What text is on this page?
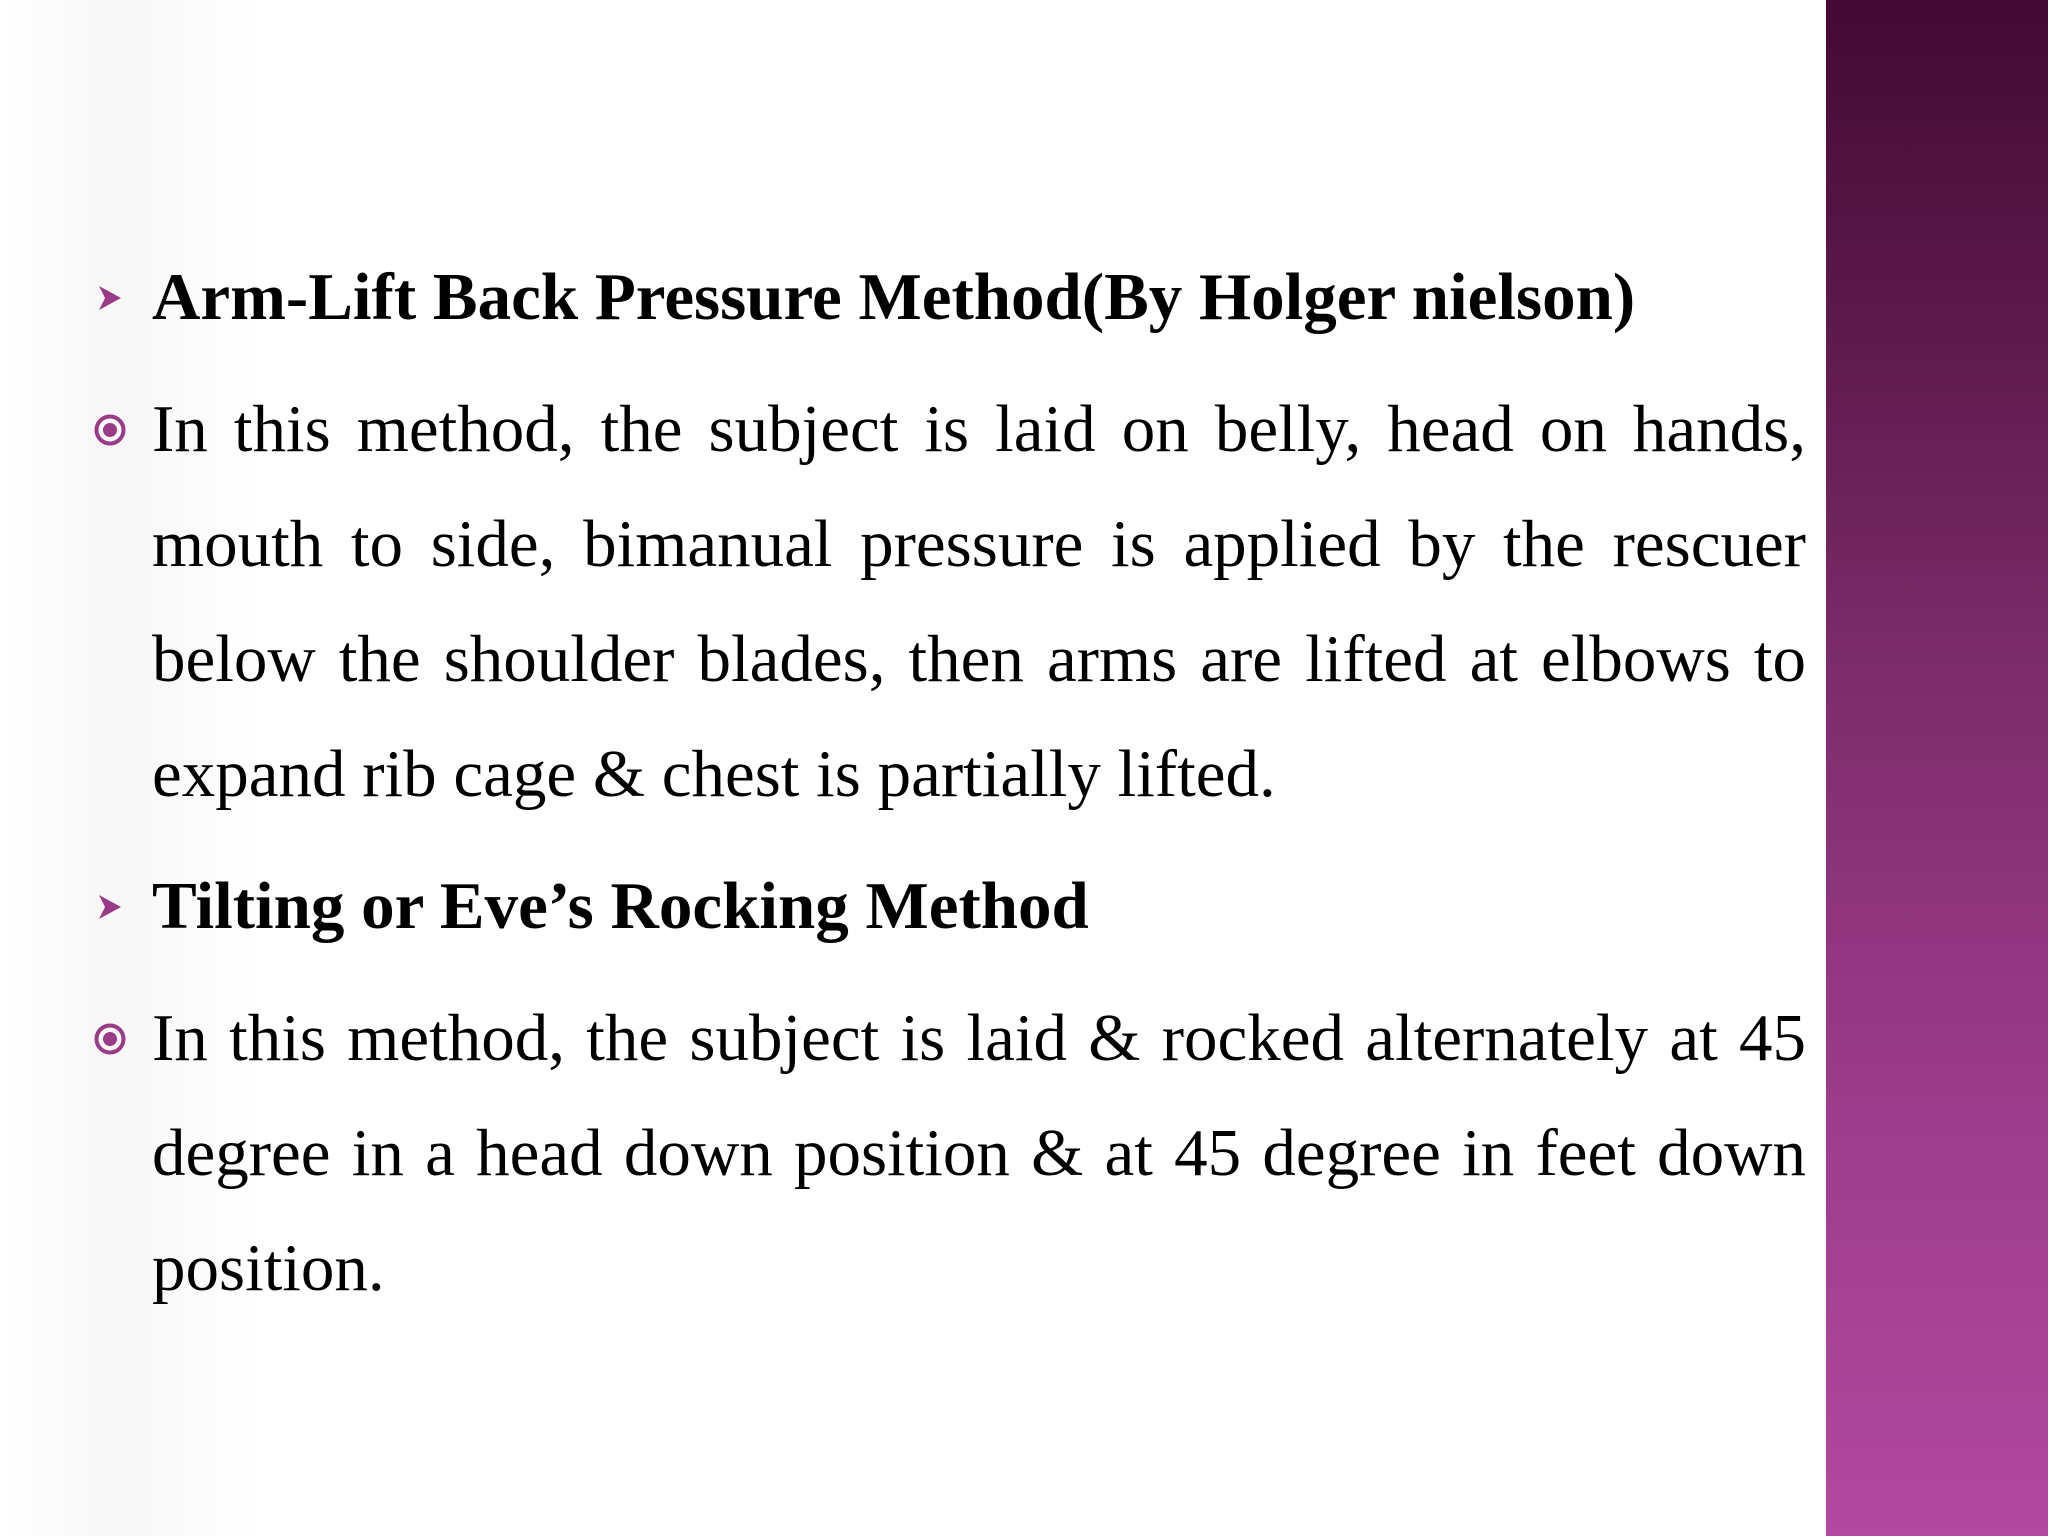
Arm-Lift Back Pressure Method(By Holger nielson)
In this method, the subject is laid on belly, head on hands, mouth to side, bimanual pressure is applied by the rescuer below the shoulder blades, then arms are lifted at elbows to expand rib cage & chest is partially lifted.
Tilting or Eve’s Rocking Method
In this method, the subject is laid & rocked alternately at 45 degree in a head down position & at 45 degree in feet down position.
